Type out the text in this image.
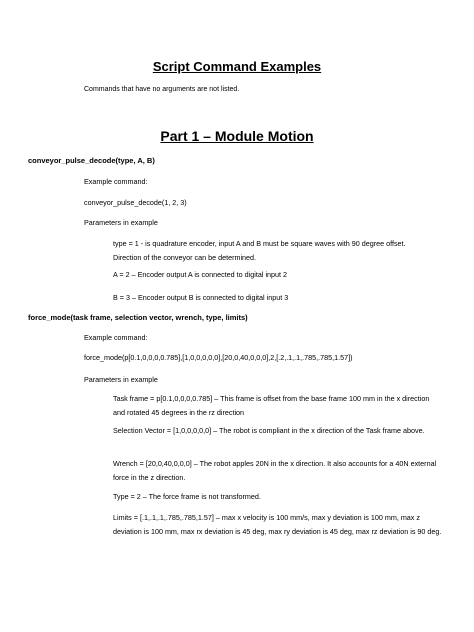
Script Command Examples
Commands that have no arguments are not listed.
Part 1 – Module Motion
conveyor_pulse_decode(type, A, B)
Example command:
conveyor_pulse_decode(1, 2, 3)
Parameters in example
type = 1 - is quadrature encoder, input A and B must be square waves with 90 degree offset. Direction of the conveyor can be determined.
A = 2 – Encoder output A is connected to digital input 2
B = 3 – Encoder output B is connected to digital input 3
force_mode(task frame, selection vector, wrench, type, limits)
Example command:
force_mode(p[0.1,0,0,0,0.785],[1,0,0,0,0,0],[20,0,40,0,0,0],2,[.2,.1,.1,.785,.785,1.57])
Parameters in example
Task frame = p[0.1,0,0,0,0.785] – This frame is offset from the base frame 100 mm in the x direction and rotated 45 degrees in the rz direction
Selection Vector = [1,0,0,0,0,0] – The robot is compliant in the x direction of the Task frame above.
Wrench = [20,0,40,0,0,0] – The robot apples 20N in the x direction. It also accounts for a 40N external force in the z direction.
Type = 2 – The force frame is not transformed.
Limits = [.1,.1,.1,.785,.785,1.57] – max x velocity is 100 mm/s, max y deviation is 100 mm, max z deviation is 100 mm, max rx deviation is 45 deg, max ry deviation is 45 deg, max rz deviation is 90 deg.
